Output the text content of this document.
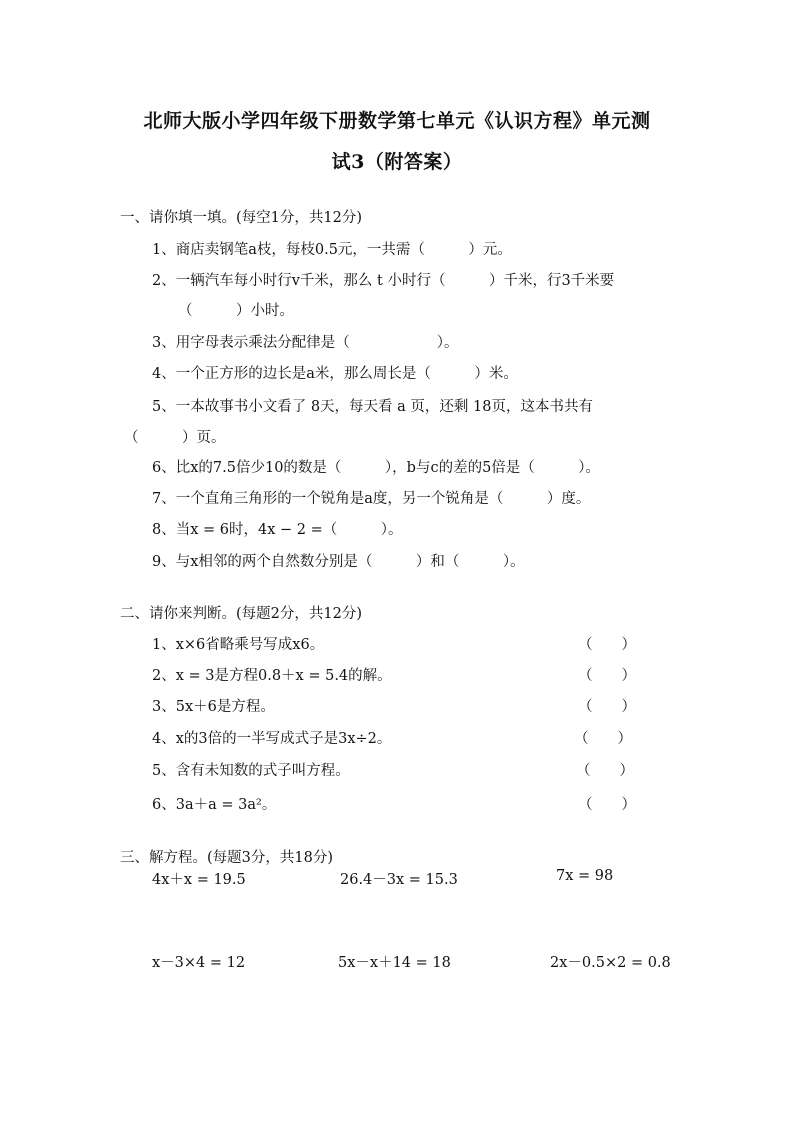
北师大版小学四年级下册数学第七单元《认识方程》单元测
试3（附答案）
一、请你填一填。(每空1分，共12分)
1、商店卖钢笔a枝，每枝0.5元，一共需（　　　）元。
2、一辆汽车每小时行v千米，那么 t 小时行（　　　）千米，行3千米要
（　　　）小时。
3、用字母表示乘法分配律是（　　　　　　）。
4、一个正方形的边长是a米，那么周长是（　　　）米。
5、一本故事书小文看了 8天，每天看 a 页，还剩 18页，这本书共有
（　　　）页。
6、比x的7.5倍少10的数是（　　　），b与c的差的5倍是（　　　）。
7、一个直角三角形的一个锐角是a度，另一个锐角是（　　　）度。
8、当x = 6时，4x − 2 =（　　　）。
9、与x相邻的两个自然数分别是（　　　）和（　　　）。
二、请你来判断。(每题2分，共12分)
1、x×6省略乘号写成x6。	（　　）
2、x = 3是方程0.8＋x = 5.4的解。	（　　）
3、5x＋6是方程。	（　　）
4、x的3倍的一半写成式子是3x÷2。	（　　）
5、含有未知数的式子叫方程。	（　　）
6、3a＋a = 3a²。	（　　）
三、解方程。(每题3分，共18分)
4x＋x = 19.5	26.4－3x = 15.3	7x = 98
x－3×4 = 12	5x－x＋14 = 18	2x－0.5×2 = 0.8
